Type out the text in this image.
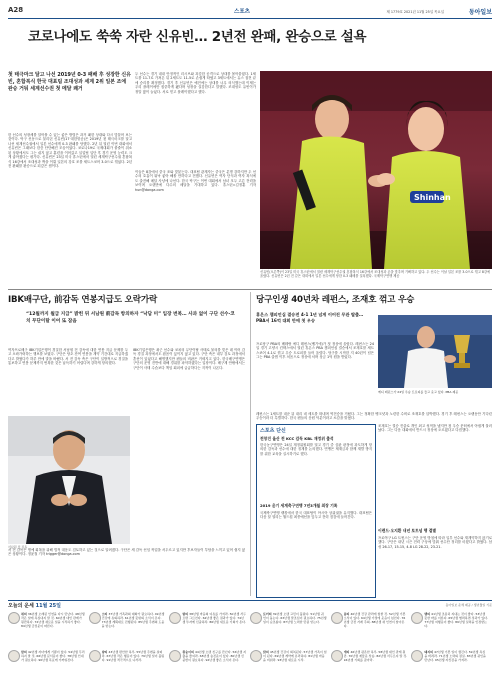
A28	스포츠	제 1779호 2021년 11월 25일 목요일	동아일보
코로나에도 쑥쑥 자란 신유빈… 2년전 완패, 완승으로 설욕
첫 태극마크 달고 나선 2019년 0-3 패배 후 성장한 신유빈, 혼합복식 한국 대표팀 조대성과 세계 2위 일본 조에 완승 거둬 세계선수권 첫 메달 쾌거
한 선수의 성장세를 알아볼 수 있는 좋은 방법은 과거 패한 상대와 다시 맞붙어 보는 것이다. 탁구 신동으로 불리던 신유빈(17·대한항공)은 2019년 첫 태극마크를 달고 나선 세계선수권에서 일본 선수에게 0-3 완패를 당했다. 2년 뒤 열린 이번 대회에서 신유빈은 그때보다 한층 단단해진 모습이었다. 코로나19로 국제대회가 줄줄이 취소된 상황에서도 그는 쉬지 않고 훈련을 이어갔고 실업팀 입단 후 경기 운영 능력도 크게 좋아졌다는 평가다. 신유빈은 23일 미국 휴스턴에서 열린 세계탁구선수권 혼합복식 16강에서 조대성과 짝을 이뤄 일본의 강호 조를 세트스코어 3-0으로 꺾었다. 2년 전 완패를 완승으로 되갚은 셈이다.
두 선수는 경기 내내 안정적인 리시브와 과감한 공격으로 상대를 몰아붙였다. 1세트를 11-7로 가져온 뒤 2세트도 11-5로 손쉽게 따냈고 3세트에서는 듀스 접전 끝에 승리를 확정했다. 경기 후 신유빈은 예전에는 상대를 너무 의식했는데 이제는 우리 플레이에만 집중하게 됐다며 성장을 실감한다고 말했다. 조대성도 유빈이가 정말 많이 늘었다. 서로 믿고 플레이했다고 했다.
이들은 8강에서 중국 조와 맞붙는다. 대표팀 관계자는 중국은 분명 강하지만 두 선수의 호흡이 워낙 좋아 해볼 만하다고 전했다. 신유빈은 여자 단식과 여자 복식에도 출전해 메달 사냥에 나선다. 한국 탁구는 이번 대회에서 남녀 모두 고른 전력을 보이며 오랜만에 다수의 메달을 기대하고 있다. 휴스턴=김정훈 기자 hun@donga.com
Shinhan
신유빈(오른쪽)이 23일 미국 휴스턴에서 열린 세계탁구선수권 혼합복식 16강에서 조대성과 손을 맞추며 기뻐하고 있다. 두 선수는 이날 일본 조를 3-0으로 꺾고 8강에 올랐다. 신유빈은 2년 전 같은 대회에서 일본 선수에게 당한 0-3 패배를 설욕했다. 국제탁구연맹 제공
IBK배구단, 前감독 연봉지급도 오락가락
“12월까지 월급 지급” 밝힌 뒤 서남원 前감독 항의하자 “낙담 미” 입장 번복… 사과 없이 구단 선수·코치 무단이탈 이어 또 잡음
여자프로배구 IBK기업은행이 경질한 서남원 전 감독에 대한 연봉 지급 문제를 두고 오락가락하는 행보를 보였다. 구단은 당초 잔여 연봉을 계약 기간대로 지급하겠다고 밝혔다가 하루 만에 말을 바꿨다. 서 전 감독 측은 구단이 일방적으로 경질을 통보하고 연봉 문제까지 번복한 것은 납득하기 어렵다며 강하게 항의했다.
IBK기업은행은 최근 선수와 코치의 무단이탈 사태로 물의를 빚은 데 이어 감독 경질 과정에서도 잡음이 끊이지 않고 있다. 구단 측은 내부 검토 과정에서 혼선이 있었다고 해명했지만 팬들의 비판은 거세지고 있다. 한국배구연맹은 구단의 운영 전반에 대해 경위를 파악하겠다는 입장이다. 배구계 안팎에서는 구단이 사태 수습보다 책임 회피에 급급하다는 지적이 나온다.
서 전 감독은 명예 회복을 위해 법적 대응도 검토하고 있는 것으로 알려졌다. 구단은 새 감독 선임 작업을 서두르고 있지만 후보자들이 부담을 느끼고 있어 쉽지 않은 상황이다. 정윤철 기자 trigger@donga.com
서남원 전 감독
당구인생 40년차 레펀스, 조재호 꺾고 우승
휴온스 챔피언십 결승전 4-1 1년 넘게 이어진 무관 탈출… PBA서 16억 대회 만에 첫 우승
프로당구 PBA의 베테랑 에디 레펀스(벨기에)가 첫 정상에 올랐다. 레펀스는 24일 경기 고양시 킨텍스에서 열린 휴온스 PBA 챔피언십 결승에서 조재호를 세트스코어 4-1로 꺾고 우승 트로피를 들어 올렸다. 당구를 시작한 지 40년이 넘은 그는 PBA 출범 이후 처음으로 정상에 서며 상금 1억 원을 받았다.
에디 레펀스가 24일 우승 트로피를 들고 웃고 있다. PBA 제공
레펀스는 1세트를 내준 뒤 내리 네 세트를 따내며 역전승을 거뒀다. 그는 정확한 뱅크샷과 노련한 수비로 조재호를 압박했다. 경기 후 레펀스는 오랫동안 기다린 우승이라 더 특별하다. 한국 팬들의 응원 덕분이라고 소감을 밝혔다.
스포츠 단신
전창진 울산 전 KCC 감독 KBL 재정위 출석
한국농구연맹은 24일 재정위원회를 열고 경기 중 심판 판정에 과도하게 항의한 감독과 선수에 대한 징계를 논의했다. 연맹은 제재금과 함께 재발 방지를 위한 교육을 실시하기로 했다.
2019 윤기 세계축구연맹 7년3개월 최장 기록
국제축구연맹 랭킹에서 한국 대표팀이 아시아 상위권을 유지했다. 대표팀은 다음 달 열리는 월드컵 최종예선을 앞두고 전력 점검에 들어간다.
조재호는 결승 진출로 개인 최고 성적을 냈지만 첫 우승 문턱에서 아쉽게 물러났다. 그는 다음 대회에서 반드시 정상에 오르겠다고 다짐했다.
이랜드·오지환 내년 토트넘 행 결별
프로야구 LG 트윈스는 구단 운영 방침에 따라 일부 선수와 재계약하지 않기로 했다. 구단은 내년 시즌 전력 구상에 맞춰 선수단 정리를 마쳤다고 밝혔다. 삼성 26-17, 15-15, 4-8 LG 28-22, 23-21.
오늘의 운세 11월 25일	동아일보 운세 제공 / 생년월일 기준
쥐띠 36년생 오래된 인연을 다시 만난다. 48년생 작은 일에 욕심내지 말 것. 60년생 대인 관계가 원만하다. 72년생 새로운 일을 시작하기 좋다. 84년생 금전운이 따른다.
소띠 37년생 가족과의 대화가 필요하다. 49년생 건강에 유의하라. 61년생 뜻밖의 소식이 온다. 73년생 계획대로 진행된다. 85년생 주변의 도움을 받는다.
범띠 38년생 마음의 여유를 가져라. 50년생 서두르면 그르친다. 62년생 좋은 결과가 있다. 74년생 투자에 신중하라. 86년생 새로운 기회가 온다.
토끼띠 39년생 오랜 고민이 풀린다. 51년생 귀인이 돕는다. 63년생 말조심이 필요하다. 75년생 일이 순조롭다. 87년생 노력한 만큼 얻는다.
용띠 40년생 건강 관리에 힘쓸 것. 52년생 기쁜 소식이 있다. 64년생 가정에 웃음이 넘친다. 76년생 금전 거래 주의. 88년생 새 인연이 찾아온다.
뱀띠 41년생 조용히 지내는 것이 좋다. 53년생 뜻한 바를 이룬다. 65년생 협력하면 성과가 있다. 77년생 여행운이 좋다. 89년생 실력을 인정받는다.
말띠 42년생 자녀에게 기쁨이 있다. 54년생 무리하지 말 것. 66년생 문서운이 좋다. 78년생 인내가 필요하다. 90년생 목표에 가까워진다.
양띠 43년생 편안한 하루. 55년생 주변을 살펴라. 67년생 작은 행운이 있다. 79년생 일이 풀린다. 91년생 적극적으로 나서라.
원숭이띠 44년생 오랜 친구를 만난다. 56년생 지출을 줄여라. 68년생 승진운이 있다. 80년생 신중함이 필요하다. 92년생 좋은 소식이 온다.
닭띠 45년생 건강이 회복된다. 57년생 가족이 힘이 된다. 69년생 계약에 유리하다. 81년생 마음을 비워라. 93년생 새로운 시작.
개띠 46년생 평온한 하루. 58년생 대인 관계 원만. 70년생 재물운 상승. 82년생 서두르지 말 것. 94년생 기회를 잡아라.
돼지띠 47년생 기쁜 일이 생긴다. 59년생 욕심을 버려라. 71년생 노력의 결실. 83년생 귀인을 만난다. 95년생 자신감을 가져라.
